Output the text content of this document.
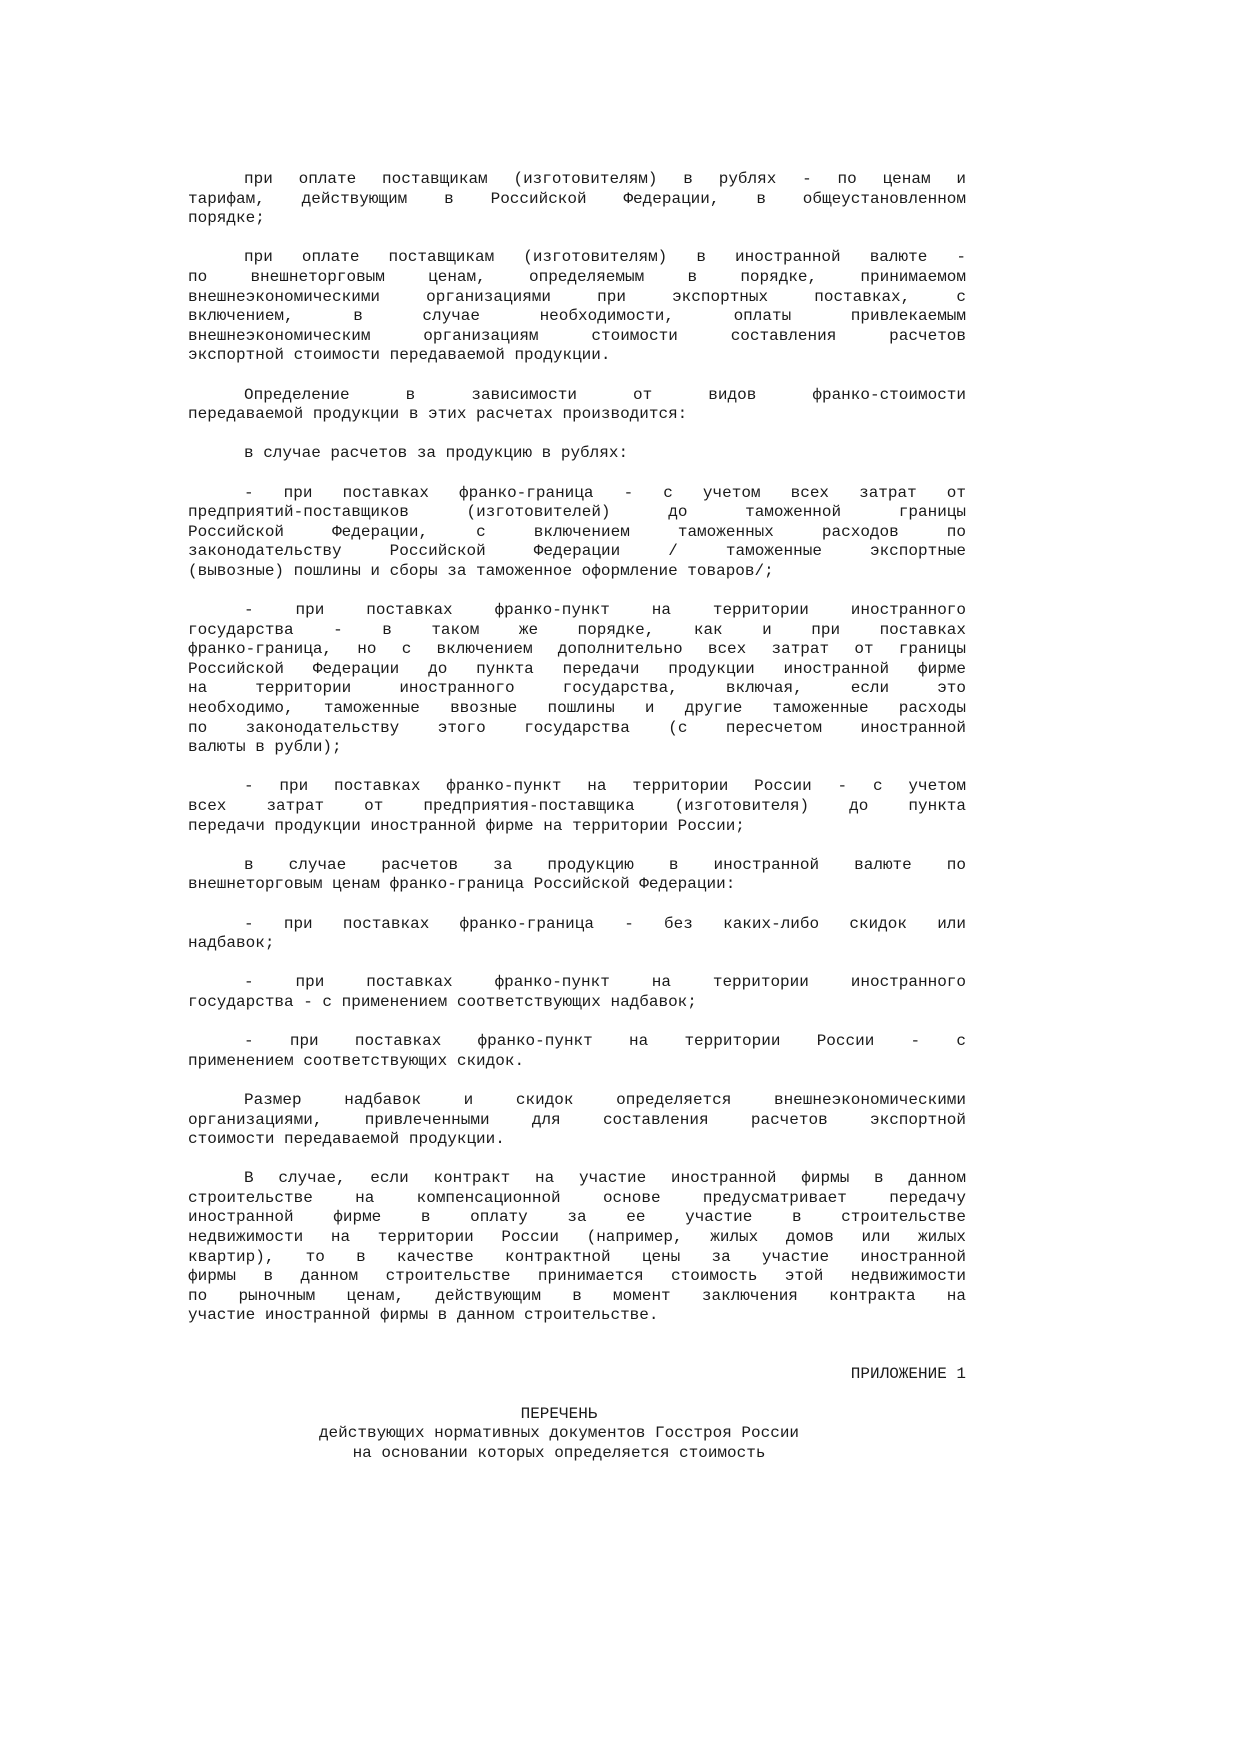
при оплате поставщикам (изготовителям) в рублях - по ценам и
тарифам, действующим в Российской Федерации, в общеустановленном
порядке;
при оплате поставщикам (изготовителям) в иностранной валюте -
по внешнеторговым ценам, определяемым в порядке, принимаемом
внешнеэкономическими организациями при экспортных поставках, с
включением, в случае необходимости, оплаты привлекаемым
внешнеэкономическим организациям стоимости составления расчетов
экспортной стоимости передаваемой продукции.
Определение в зависимости от видов франко-стоимости
передаваемой продукции в этих расчетах производится:
в случае расчетов за продукцию в рублях:
- при поставках франко-граница - с учетом всех затрат от
предприятий-поставщиков (изготовителей) до таможенной границы
Российской Федерации, с включением таможенных расходов по
законодательству Российской Федерации / таможенные экспортные
(вывозные) пошлины и сборы за таможенное оформление товаров/;
- при поставках франко-пункт на территории иностранного
государства - в таком же порядке, как и при поставках
франко-граница, но с включением дополнительно всех затрат от границы
Российской Федерации до пункта передачи продукции иностранной фирме
на территории иностранного государства, включая, если это
необходимо, таможенные ввозные пошлины и другие таможенные расходы
по законодательству этого государства (с пересчетом иностранной
валюты в рубли);
- при поставках франко-пункт на территории России - с учетом
всех затрат от предприятия-поставщика (изготовителя) до пункта
передачи продукции иностранной фирме на территории России;
в случае расчетов за продукцию в иностранной валюте по
внешнеторговым ценам франко-граница Российской Федерации:
- при поставках франко-граница - без каких-либо скидок или
надбавок;
- при поставках франко-пункт на территории иностранного
государства - с применением соответствующих надбавок;
- при поставках франко-пункт на территории России - с
применением соответствующих скидок.
Размер надбавок и скидок определяется внешнеэкономическими
организациями, привлеченными для составления расчетов экспортной
стоимости передаваемой продукции.
В случае, если контракт на участие иностранной фирмы в данном
строительстве на компенсационной основе предусматривает передачу
иностранной фирме в оплату за ее участие в строительстве
недвижимости на территории России (например, жилых домов или жилых
квартир), то в качестве контрактной цены за участие иностранной
фирмы в данном строительстве принимается стоимость этой недвижимости
по рыночным ценам, действующим в момент заключения контракта на
участие иностранной фирмы в данном строительстве.
ПРИЛОЖЕНИЕ 1
ПЕРЕЧЕНЬ
действующих нормативных документов Госстроя России
на основании которых определяется стоимость
